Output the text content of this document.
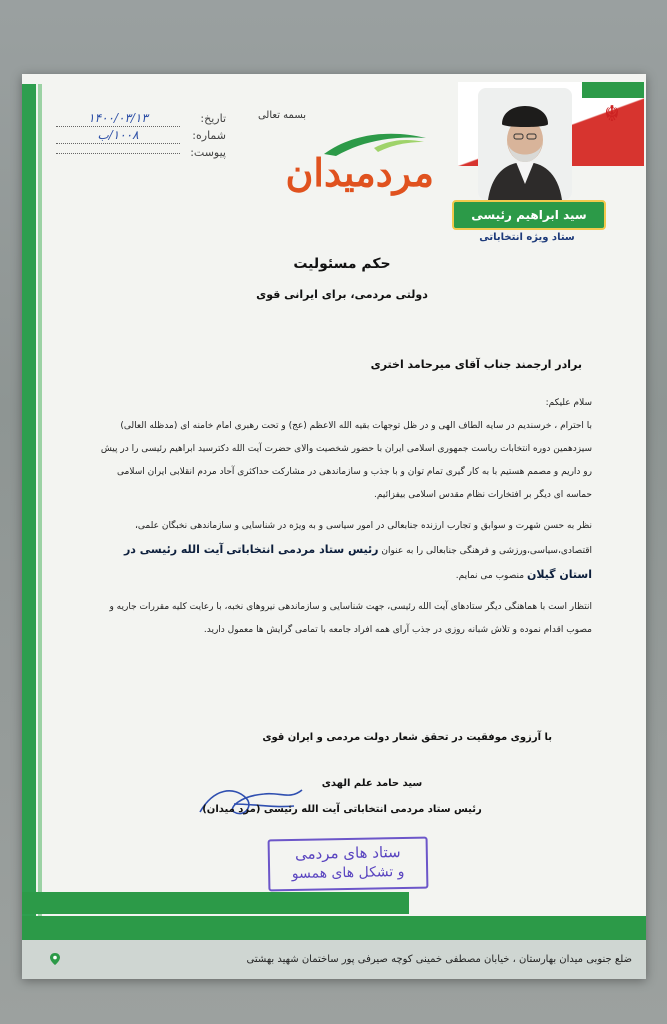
تاریخ:
۱۴۰۰/۰۳/۱۳
شماره:
۱۰۰۸/ب
پیوست:
بسمه تعالی
مردمیدان
☬
سید ابراهیم رئیسی
ستاد ویژه انتخاباتی
حکم مسئولیت
دولتی مردمی، برای ایرانی قوی
برادر ارجمند جناب آقای میرحامد اختری

سلام علیکم:

با احترام ، خرسندیم در سایه الطاف الهی و در ظل توجهات بقیه الله الاعظم (عج) و تحت رهبری امام خامنه ای (مدظله العالی) سیزدهمین دوره انتخابات ریاست جمهوری اسلامی ایران با حضور شخصیت والای حضرت آیت الله دکترسید ابراهیم رئیسی را در پیش رو داریم و مصمم هستیم با به کار گیری تمام توان و با جذب و سازماندهی در مشارکت حداکثری آحاد مردم انقلابی ایران اسلامی حماسه ای دیگر بر افتخارات نظام مقدس اسلامی بیفزائیم.

نظر به حسن شهرت و سوابق و تجارب ارزنده جنابعالی در امور سیاسی و به ویژه در شناسایی و سازماندهی نخبگان علمی، اقتصادی،سیاسی،ورزشی و فرهنگی جنابعالی را به عنوان رئیس ستاد مردمی انتخاباتی آیت الله رئیسی در استان گیلان منصوب می نمایم.

انتظار است با هماهنگی دیگر ستادهای آیت الله رئیسی، جهت شناسایی و سازماندهی نیروهای نخبه، با رعایت کلیه مقررات جاریه و مصوب اقدام نموده و تلاش شبانه روزی در جذب آرای همه افراد جامعه با تمامی گرایش ها معمول دارید.

با آرزوی موفقیت در تحقق شعار دولت مردمی و ایران قوی
سید حامد علم الهدی
رئیس ستاد مردمی انتخاباتی آیت الله رئیسی (مرد میدان)
ستاد های مردمی
و تشکل های همسو
ضلع جنوبی میدان بهارستان ، خیابان مصطفی خمینی کوچه صیرفی پور ساختمان شهید بهشتی
